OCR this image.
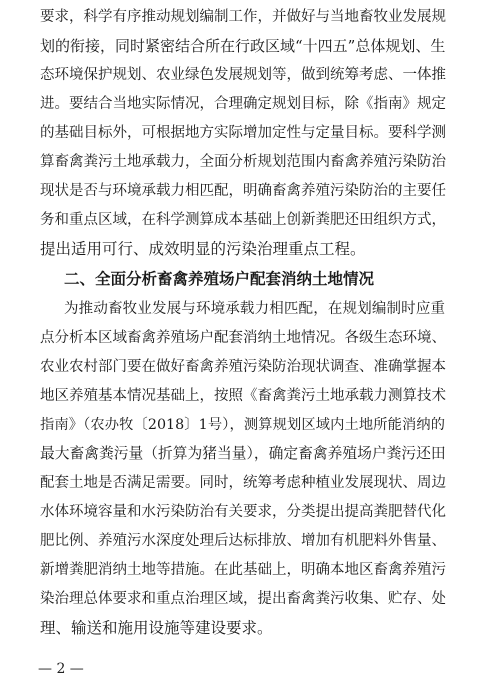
要求，科学有序推动规划编制工作，并做好与当地畜牧业发展规
划的衔接，同时紧密结合所在行政区域“十四五”总体规划、生
态环境保护规划、农业绿色发展规划等，做到统筹考虑、一体推
进。要结合当地实际情况，合理确定规划目标，除《指南》规定
的基础目标外，可根据地方实际增加定性与定量目标。要科学测
算畜禽粪污土地承载力，全面分析规划范围内畜禽养殖污染防治
现状是否与环境承载力相匹配，明确畜禽养殖污染防治的主要任
务和重点区域，在科学测算成本基础上创新粪肥还田组织方式，
提出适用可行、成效明显的污染治理重点工程。
二、全面分析畜禽养殖场户配套消纳土地情况
为推动畜牧业发展与环境承载力相匹配，在规划编制时应重
点分析本区域畜禽养殖场户配套消纳土地情况。各级生态环境、
农业农村部门要在做好畜禽养殖污染防治现状调查、准确掌握本
地区养殖基本情况基础上，按照《畜禽粪污土地承载力测算技术
指南》（农办牧〔2018〕1号），测算规划区域内土地所能消纳的
最大畜禽粪污量（折算为猪当量），确定畜禽养殖场户粪污还田
配套土地是否满足需要。同时，统筹考虑种植业发展现状、周边
水体环境容量和水污染防治有关要求，分类提出提高粪肥替代化
肥比例、养殖污水深度处理后达标排放、增加有机肥料外售量、
新增粪肥消纳土地等措施。在此基础上，明确本地区畜禽养殖污
染治理总体要求和重点治理区域，提出畜禽粪污收集、贮存、处
理、输送和施用设施等建设要求。
— 2 —
